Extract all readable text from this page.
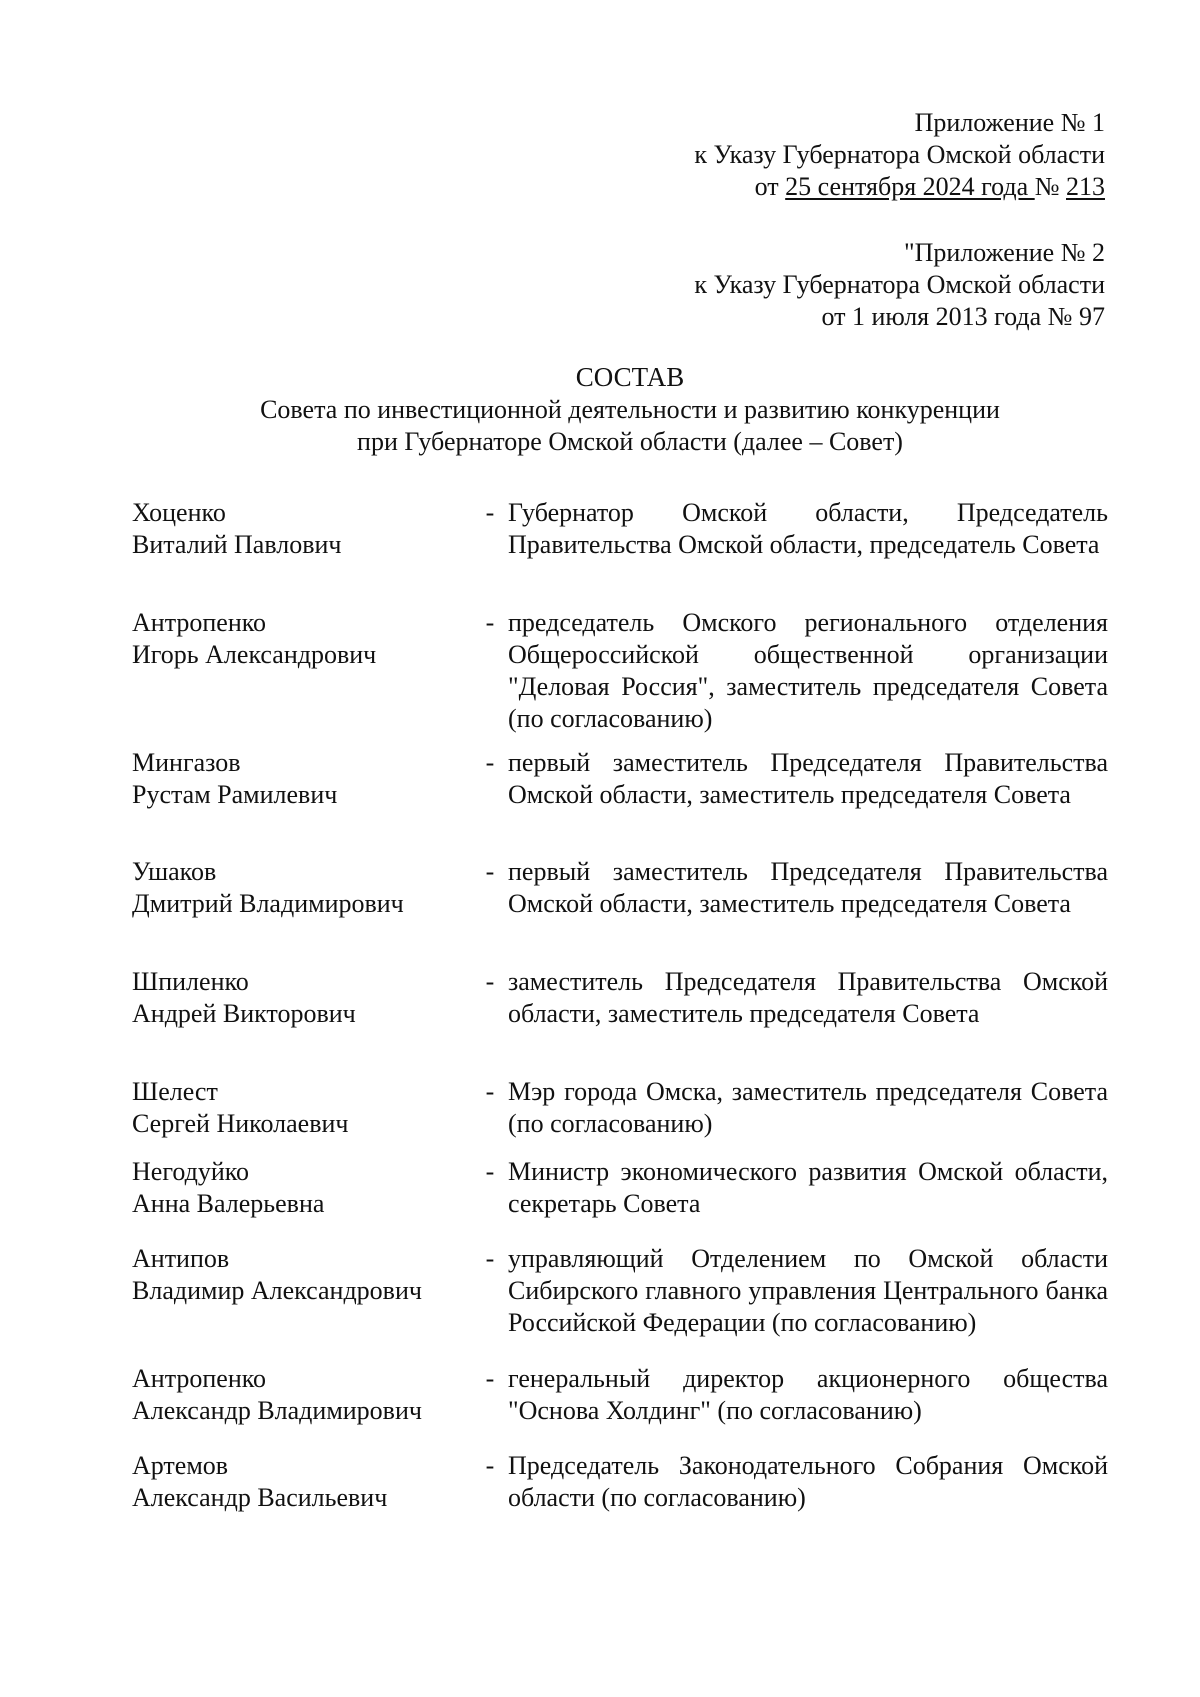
Приложение № 1
к Указу Губернатора Омской области
от 25 сентября 2024 года № 213
"Приложение № 2
к Указу Губернатора Омской области
от 1 июля 2013 года № 97
СОСТАВ
Совета по инвестиционной деятельности и развитию конкуренции
при Губернаторе Омской области (далее – Совет)
Хоценко
Виталий Павлович
- Губернатор Омской области, Председатель Правительства Омской области, председатель Совета
Антропенко
Игорь Александрович
- председатель Омского регионального отделения Общероссийской общественной организации "Деловая Россия", заместитель председателя Совета (по согласованию)
Мингазов
Рустам Рамилевич
- первый заместитель Председателя Правительства Омской области, заместитель председателя Совета
Ушаков
Дмитрий Владимирович
- первый заместитель Председателя Правительства Омской области, заместитель председателя Совета
Шпиленко
Андрей Викторович
- заместитель Председателя Правительства Омской области, заместитель председателя Совета
Шелест
Сергей Николаевич
- Мэр города Омска, заместитель председателя Совета (по согласованию)
Негодуйко
Анна Валерьевна
- Министр экономического развития Омской области, секретарь Совета
Антипов
Владимир Александрович
- управляющий Отделением по Омской области Сибирского главного управления Центрального банка Российской Федерации (по согласованию)
Антропенко
Александр Владимирович
- генеральный директор акционерного общества "Основа Холдинг" (по согласованию)
Артемов
Александр Васильевич
- Председатель Законодательного Собрания Омской области (по согласованию)
